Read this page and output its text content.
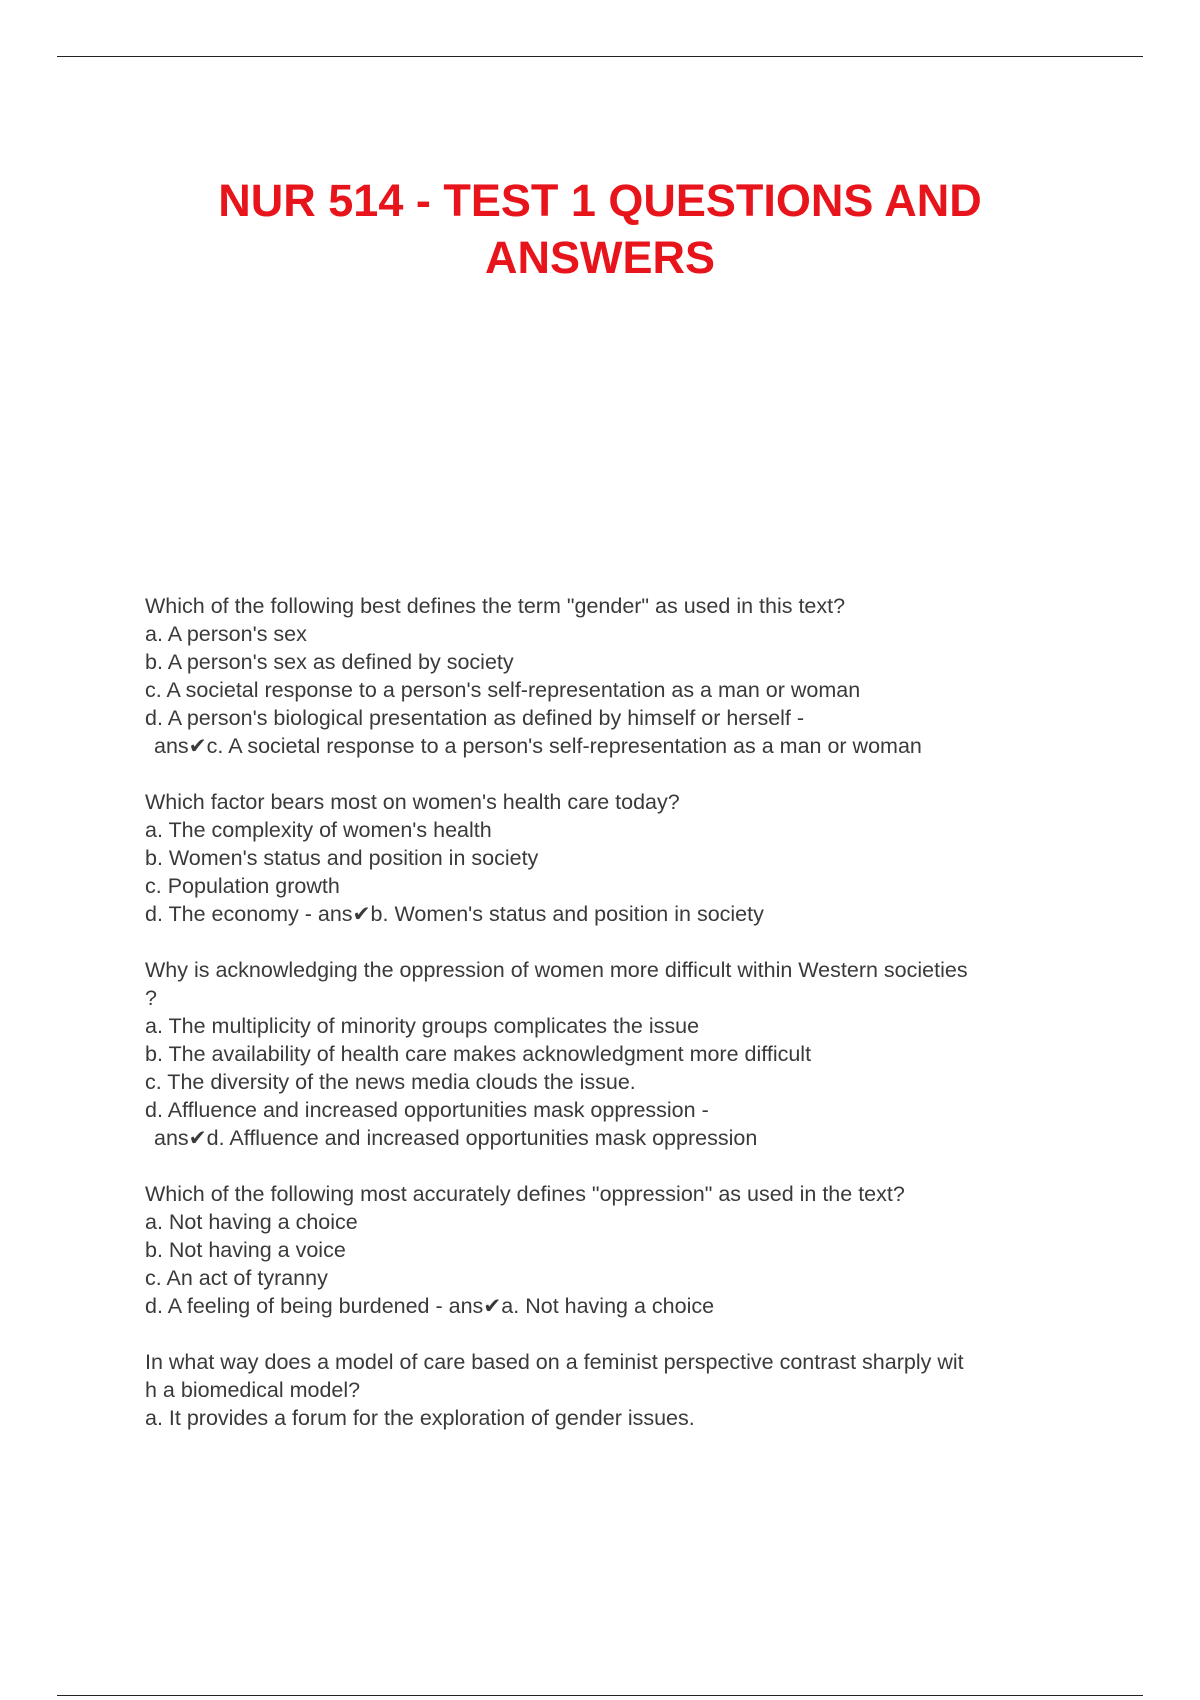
NUR 514 - TEST 1 QUESTIONS AND
ANSWERS
Which of the following best defines the term "gender" as used in this text?
a. A person's sex
b. A person's sex as defined by society
c. A societal response to a person's self-representation as a man or woman
d. A person's biological presentation as defined by himself or herself -
ans✔c. A societal response to a person's self-representation as a man or woman
Which factor bears most on women's health care today?
a. The complexity of women's health
b. Women's status and position in society
c. Population growth
d. The economy - ans✔b. Women's status and position in society
Why is acknowledging the oppression of women more difficult within Western societies
?
a. The multiplicity of minority groups complicates the issue
b. The availability of health care makes acknowledgment more difficult
c. The diversity of the news media clouds the issue.
d. Affluence and increased opportunities mask oppression -
ans✔d. Affluence and increased opportunities mask oppression
Which of the following most accurately defines "oppression" as used in the text?
a. Not having a choice
b. Not having a voice
c. An act of tyranny
d. A feeling of being burdened - ans✔a. Not having a choice
In what way does a model of care based on a feminist perspective contrast sharply wit
h a biomedical model?
a. It provides a forum for the exploration of gender issues.
